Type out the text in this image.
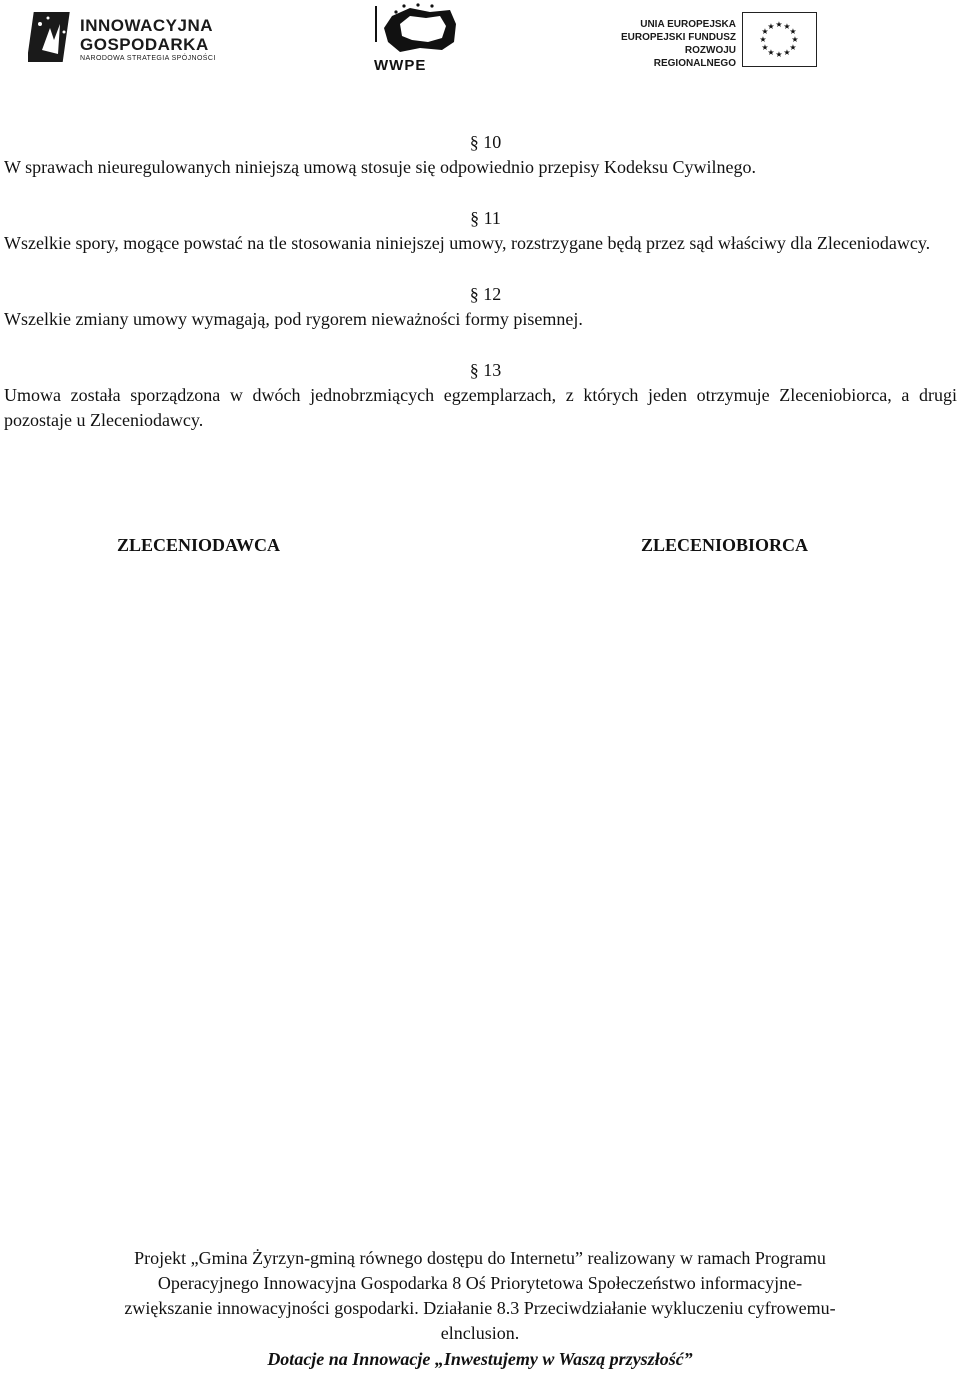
INNOWACYJNA
GOSPODARKA
NARODOWA STRATEGIA SPÓJNOŚCI	WWPE
UNIA EUROPEJSKA
EUROPEJSKI FUNDUSZ
ROZWOJU REGIONALNEGO
★ ★
★
★
★
★
★
★
★
★
★
★

§ 10

W sprawach nieuregulowanych niniejszą umową stosuje się odpowiednio przepisy Kodeksu Cywilnego.

§ 11

Wszelkie spory, mogące powstać na tle stosowania niniejszej umowy, rozstrzygane będą przez sąd właściwy dla Zleceniodawcy.

§ 12

Wszelkie zmiany umowy wymagają, pod rygorem nieważności formy pisemnej.

§ 13

Umowa została sporządzona w dwóch jednobrzmiących egzemplarzach, z których jeden otrzymuje Zleceniobiorca, a drugi pozostaje u Zleceniodawcy.

ZLECENIODAWCA	ZLECENIOBIORCA
Projekt „Gmina Żyrzyn-gminą równego dostępu do Internetu” realizowany w ramach Programu
Operacyjnego Innowacyjna Gospodarka 8 Oś Priorytetowa Społeczeństwo informacyjne-
zwiększanie innowacyjności gospodarki. Działanie 8.3 Przeciwdziałanie wykluczeniu cyfrowemu-
elnclusion.
Dotacje na Innowacje „Inwestujemy w Waszą przyszłość”
